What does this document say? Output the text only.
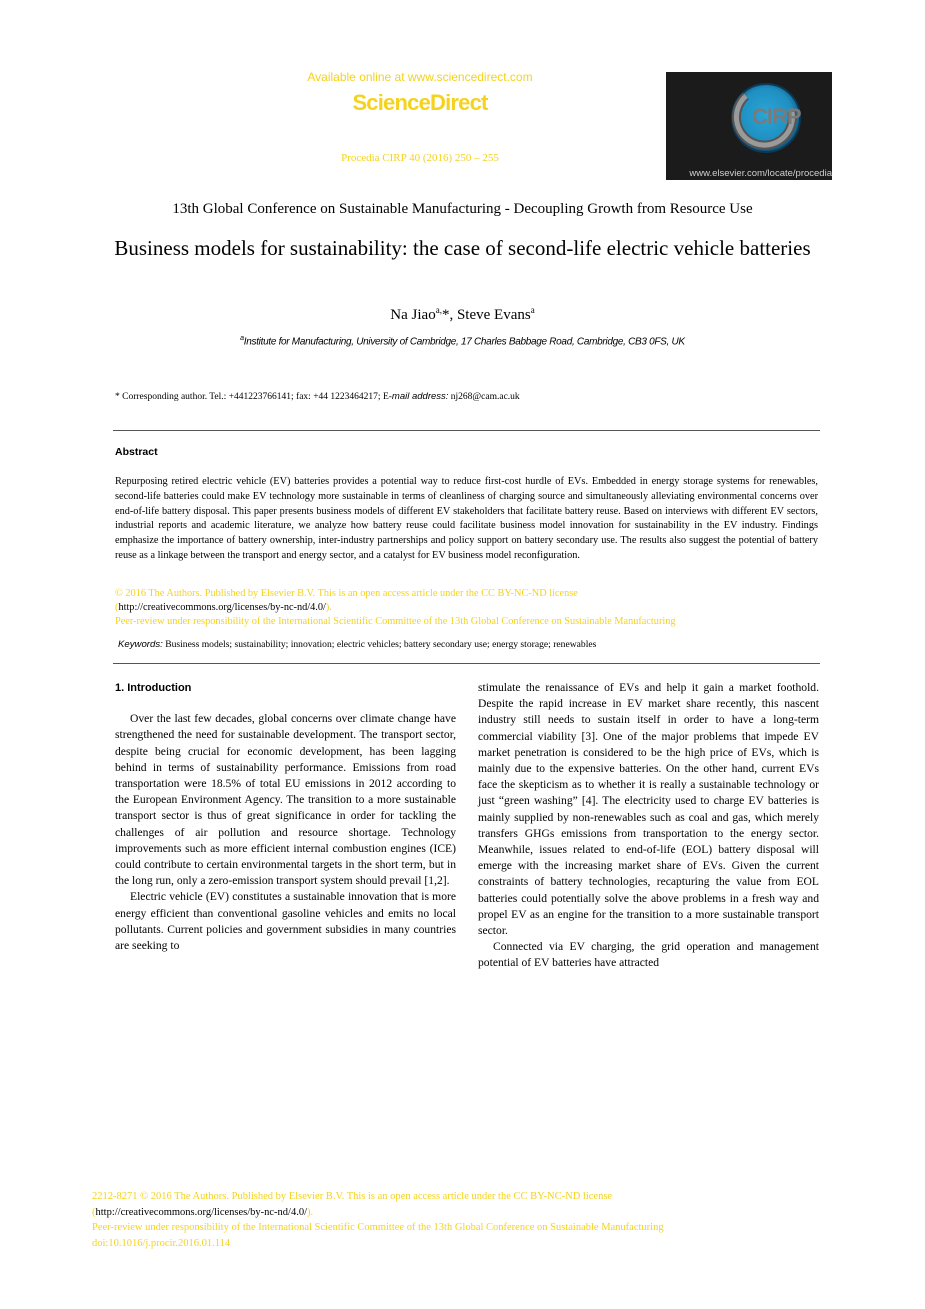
Available online at www.sciencedirect.com
ScienceDirect
Procedia CIRP 40 (2016) 250 – 255
CIRP
www.elsevier.com/locate/procedia
13th Global Conference on Sustainable Manufacturing - Decoupling Growth from Resource Use
Business models for sustainability: the case of second-life electric vehicle batteries
Na Jiao$^{a,}$*, Steve Evans$^a$
$^a$Institute for Manufacturing, University of Cambridge, 17 Charles Babbage Road, Cambridge, CB3 0FS, UK
* Corresponding author. Tel.: +441223766141; fax: +44 1223464217; E-mail address: nj268@cam.ac.uk
Abstract
Repurposing retired electric vehicle (EV) batteries provides a potential way to reduce first-cost hurdle of EVs. Embedded in energy storage systems for renewables, second-life batteries could make EV technology more sustainable in terms of cleanliness of charging source and simultaneously alleviating environmental concerns over end-of-life battery disposal. This paper presents business models of different EV stakeholders that facilitate battery reuse. Based on interviews with different EV sectors, industrial reports and academic literature, we analyze how battery reuse could facilitate business model innovation for sustainability in the EV industry. Findings emphasize the importance of battery ownership, inter-industry partnerships and policy support on battery secondary use. The results also suggest the potential of battery reuse as a linkage between the transport and energy sector, and a catalyst for EV business model reconfiguration.
© 2016 The Authors. Published by Elsevier B.V. This is an open access article under the CC BY-NC-ND license
(http://creativecommons.org/licenses/by-nc-nd/4.0/).
Peer-review under responsibility of the International Scientific Committee of the 13th Global Conference on Sustainable Manufacturing
Keywords: Business models; sustainability; innovation; electric vehicles; battery secondary use; energy storage; renewables
1. Introduction

Over the last few decades, global concerns over climate change have strengthened the need for sustainable development. The transport sector, despite being crucial for economic development, has been lagging behind in terms of sustainability performance. Emissions from road transportation were 18.5% of total EU emissions in 2012 according to the European Environment Agency. The transition to a more sustainable transport sector is thus of great significance in order for tackling the challenges of air pollution and resource shortage. Technology improvements such as more efficient internal combustion engines (ICE) could contribute to certain environmental targets in the short term, but in the long run, only a zero-emission transport system should prevail [1,2].

Electric vehicle (EV) constitutes a sustainable innovation that is more energy efficient than conventional gasoline vehicles and emits no local pollutants. Current policies and government subsidies in many countries are seeking to

stimulate the renaissance of EVs and help it gain a market foothold. Despite the rapid increase in EV market share recently, this nascent industry still needs to sustain itself in order to have a long-term commercial viability [3]. One of the major problems that impede EV market penetration is considered to be the high price of EVs, which is mainly due to the expensive batteries. On the other hand, current EVs face the skepticism as to whether it is really a sustainable technology or just “green washing” [4]. The electricity used to charge EV batteries is mainly supplied by non-renewables such as coal and gas, which merely transfers GHGs emissions from transportation to the energy sector. Meanwhile, issues related to end-of-life (EOL) battery disposal will emerge with the increasing market share of EVs. Given the current constraints of battery technologies, recapturing the value from EOL batteries could potentially solve the above problems in a fresh way and propel EV as an engine for the transition to a more sustainable transport sector.

Connected via EV charging, the grid operation and management potential of EV batteries have attracted

2212-8271 © 2016 The Authors. Published by Elsevier B.V. This is an open access article under the CC BY-NC-ND license
(http://creativecommons.org/licenses/by-nc-nd/4.0/).
Peer-review under responsibility of the International Scientific Committee of the 13th Global Conference on Sustainable Manufacturing
doi:10.1016/j.procir.2016.01.114
